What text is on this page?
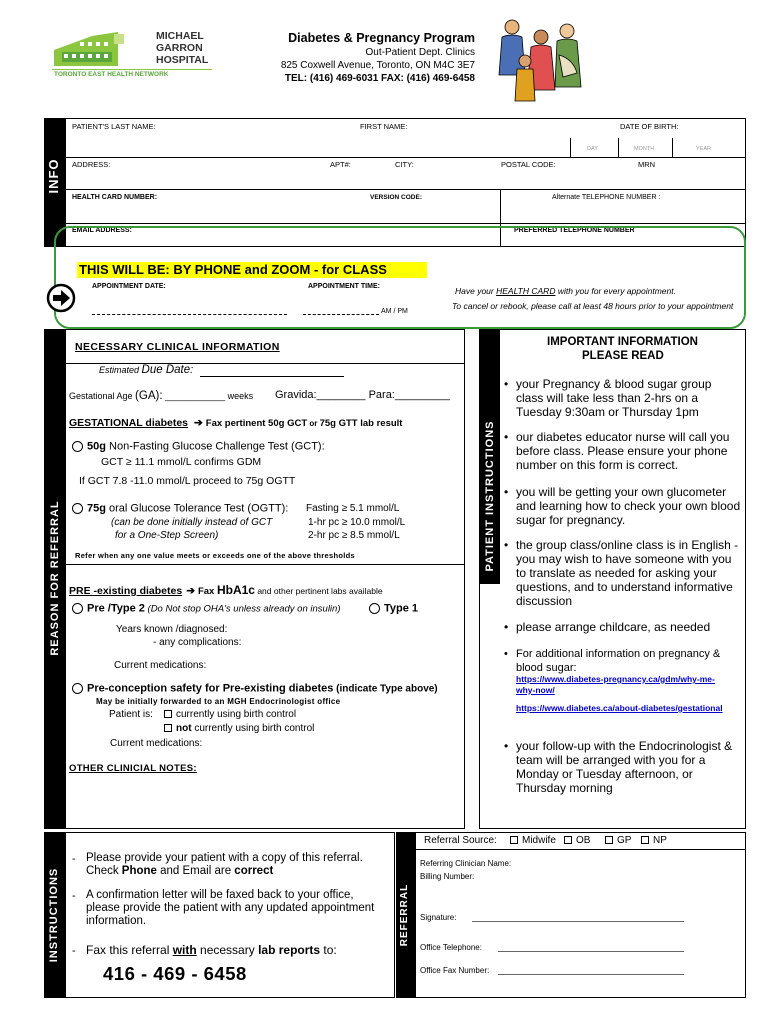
MICHAEL
GARRON
HOSPITAL
TORONTO EAST HEALTH NETWORK
Diabetes & Pregnancy Program
Out-Patient Dept. Clinics
825 Coxwell Avenue, Toronto, ON M4C 3E7
TEL: (416) 469-6031 FAX: (416) 469-6458
INFO
PATIENT'S LAST NAME:	FIRST NAME:	DATE OF BIRTH:
DAY	MONTH	YEAR
ADDRESS:	APT#:	CITY:	POSTAL CODE:	MRN
HEALTH CARD NUMBER:	VERSION CODE:	Alternate TELEPHONE NUMBER :
EMAIL ADDRESS:	PREFERRED TELEPHONE NUMBER
THIS WILL BE: BY PHONE and ZOOM - for CLASS
APPOINTMENT DATE:	APPOINTMENT TIME:
AM / PM
Have your HEALTH CARD with you for every appointment.
To cancel or rebook, please call at least 48 hours prior to your appointment
REASON FOR REFERRAL
NECESSARY CLINICAL INFORMATION
Estimated Due Date:
Gestational Age (GA): ____________ weeks Gravida:________ Para:_________
GESTATIONAL diabetes ➔ Fax pertinent 50g GCT or 75g GTT lab result
50g Non-Fasting Glucose Challenge Test (GCT):
GCT ≥ 11.1 mmol/L confirms GDM
If GCT 7.8 -11.0 mmol/L proceed to 75g OGTT
75g oral Glucose Tolerance Test (OGTT):
(can be done initially instead of GCT
for a One-Step Screen)
Fasting ≥ 5.1 mmol/L
1-hr pc ≥ 10.0 mmol/L
2-hr pc ≥ 8.5 mmol/L
Refer when any one value meets or exceeds one of the above thresholds
PRE -existing diabetes ➔ Fax HbA1c and other pertinent labs available
Pre /Type 2 (Do Not stop OHA's unless already on insulin)	Type 1
Years known /diagnosed:
- any complications:
Current medications:
Pre-conception safety for Pre-existing diabetes (indicate Type above)
May be initially forwarded to an MGH Endocrinologist office
Patient is:	currently using birth control
not currently using birth control
Current medications:
OTHER CLINICIAL NOTES:
PATIENT INSTRUCTIONS
IMPORTANT INFORMATION
PLEASE READ
• your Pregnancy & blood sugar group class will take less than 2-hrs on a Tuesday 9:30am or Thursday 1pm
• our diabetes educator nurse will call you before class. Please ensure your phone number on this form is correct.
• you will be getting your own glucometer and learning how to check your own blood sugar for pregnancy.
• the group class/online class is in English - you may wish to have someone with you to translate as needed for asking your questions, and to understand informative discussion
• please arrange childcare, as needed
• For additional information on pregnancy & blood sugar:
https://www.diabetes-pregnancy.ca/gdm/why-me-why-now/
https://www.diabetes.ca/about-diabetes/gestational
• your follow-up with the Endocrinologist & team will be arranged with you for a Monday or Tuesday afternoon, or Thursday morning
INSTRUCTIONS
- Please provide your patient with a copy of this referral.
Check Phone and Email are correct
- A confirmation letter will be faxed back to your office, please provide the patient with any updated appointment information.
- Fax this referral with necessary lab reports to:
416 - 469 - 6458
REFERRAL
Referral Source:	Midwife	OB	GP	NP
Referring Clinician Name:
Billing Number:
Signature:
Office Telephone:
Office Fax Number:
